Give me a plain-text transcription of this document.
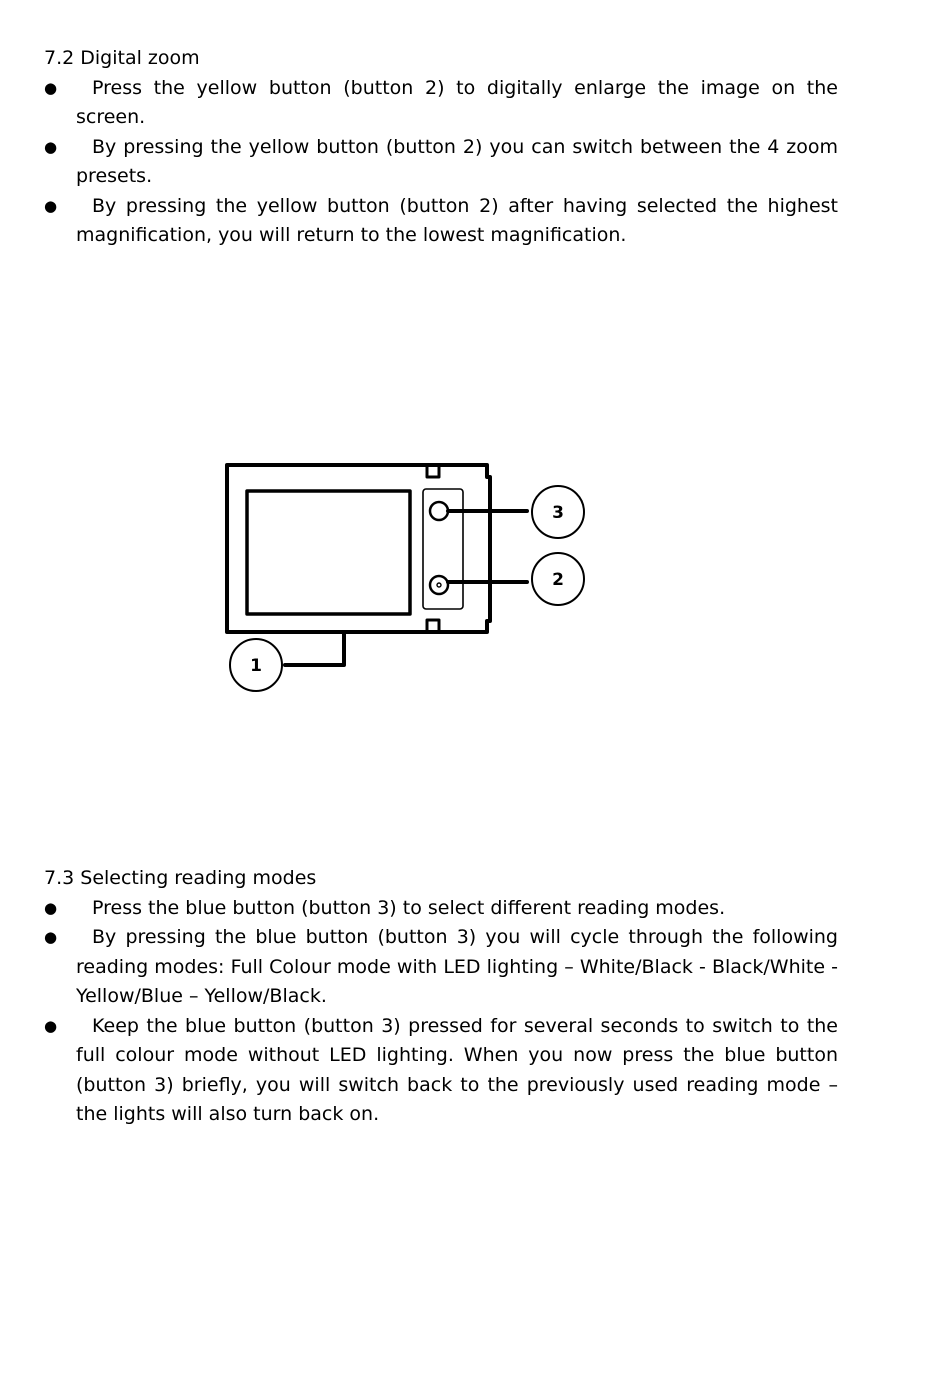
7.2 Digital zoom
●	Press the yellow button (button 2) to digitally enlarge the image on the screen.
●	By pressing the yellow button (button 2) you can switch between the 4 zoom presets.
●	By pressing the yellow button (button 2) after having selected the highest magnification, you will return to the lowest magnification.
3
2
1
7.3 Selecting reading modes
●	Press the blue button (button 3) to select different reading modes.
●	By pressing the blue button (button 3) you will cycle through the following reading modes: Full Colour mode with LED lighting – White/Black - Black/White - Yellow/Blue – Yellow/Black.
●	Keep the blue button (button 3) pressed for several seconds to switch to the full colour mode without LED lighting. When you now press the blue button (button 3) briefly, you will switch back to the previously used reading mode – the lights will also turn back on.
